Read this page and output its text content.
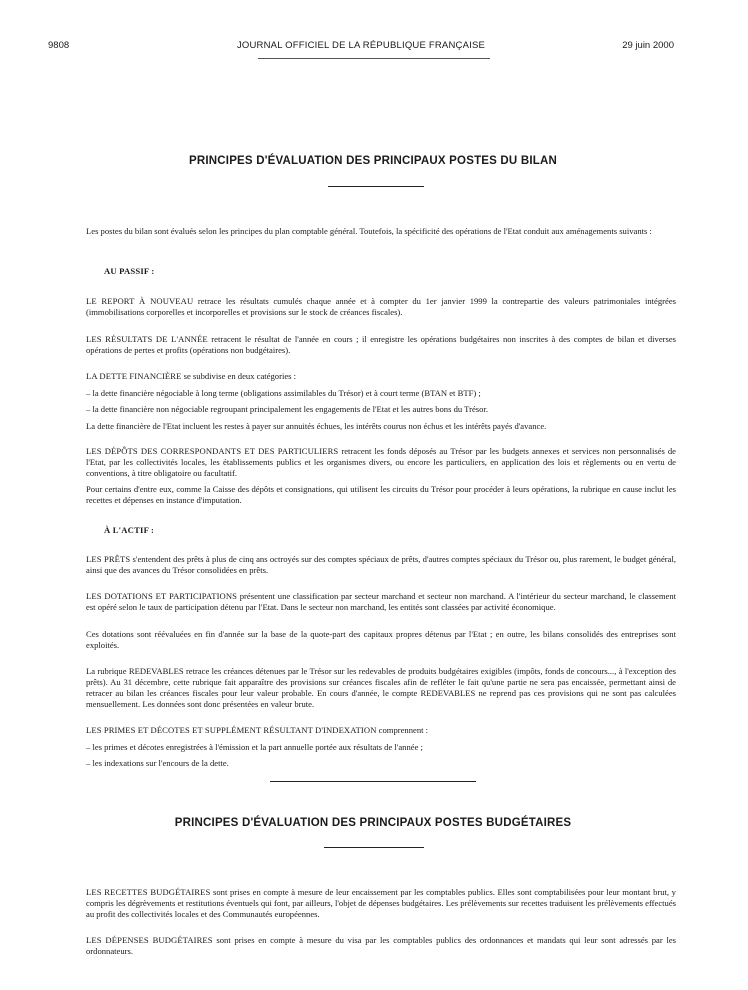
9808	JOURNAL OFFICIEL DE LA RÉPUBLIQUE FRANÇAISE	29 juin 2000
PRINCIPES D'ÉVALUATION DES PRINCIPAUX POSTES DU BILAN

Les postes du bilan sont évalués selon les principes du plan comptable général. Toutefois, la spécificité des opérations de l'Etat conduit aux aménagements suivants :

AU PASSIF :

LE REPORT À NOUVEAU retrace les résultats cumulés chaque année et à compter du 1er janvier 1999 la contrepartie des valeurs patrimoniales intégrées (immobilisations corporelles et incorporelles et provisions sur le stock de créances fiscales).

LES RÉSULTATS DE L'ANNÉE retracent le résultat de l'année en cours ; il enregistre les opérations budgétaires non inscrites à des comptes de bilan et diverses opérations de pertes et profits (opérations non budgétaires).

LA DETTE FINANCIÈRE se subdivise en deux catégories :

– la dette financière négociable à long terme (obligations assimilables du Trésor) et à court terme (BTAN et BTF) ;

– la dette financière non négociable regroupant principalement les engagements de l'Etat et les autres bons du Trésor.

La dette financière de l'Etat incluent les restes à payer sur annuités échues, les intérêts courus non échus et les intérêts payés d'avance.

LES DÉPÔTS DES CORRESPONDANTS ET DES PARTICULIERS retracent les fonds déposés au Trésor par les budgets annexes et services non personnalisés de l'Etat, par les collectivités locales, les établissements publics et les organismes divers, ou encore les particuliers, en application des lois et règlements ou en vertu de conventions, à titre obligatoire ou facultatif.

Pour certains d'entre eux, comme la Caisse des dépôts et consignations, qui utilisent les circuits du Trésor pour procéder à leurs opérations, la rubrique en cause inclut les recettes et dépenses en instance d'imputation.

À L'ACTIF :

LES PRÊTS s'entendent des prêts à plus de cinq ans octroyés sur des comptes spéciaux de prêts, d'autres comptes spéciaux du Trésor ou, plus rarement, le budget général, ainsi que des avances du Trésor consolidées en prêts.

LES DOTATIONS ET PARTICIPATIONS présentent une classification par secteur marchand et secteur non marchand. A l'intérieur du secteur marchand, le classement est opéré selon le taux de participation détenu par l'Etat. Dans le secteur non marchand, les entités sont classées par activité économique.

Ces dotations sont réévaluées en fin d'année sur la base de la quote-part des capitaux propres détenus par l'Etat ; en outre, les bilans consolidés des entreprises sont exploités.

La rubrique REDEVABLES retrace les créances détenues par le Trésor sur les redevables de produits budgétaires exigibles (impôts, fonds de concours..., à l'exception des prêts). Au 31 décembre, cette rubrique fait apparaître des provisions sur créances fiscales afin de refléter le fait qu'une partie ne sera pas encaissée, permettant ainsi de retracer au bilan les créances fiscales pour leur valeur probable. En cours d'année, le compte REDEVABLES ne reprend pas ces provisions qui ne sont pas calculées mensuellement. Les données sont donc présentées en valeur brute.

LES PRIMES ET DÉCOTES ET SUPPLÉMENT RÉSULTANT D'INDEXATION comprennent :

– les primes et décotes enregistrées à l'émission et la part annuelle portée aux résultats de l'année ;

– les indexations sur l'encours de la dette.

PRINCIPES D'ÉVALUATION DES PRINCIPAUX POSTES BUDGÉTAIRES

LES RECETTES BUDGÉTAIRES sont prises en compte à mesure de leur encaissement par les comptables publics. Elles sont comptabilisées pour leur montant brut, y compris les dégrèvements et restitutions éventuels qui font, par ailleurs, l'objet de dépenses budgétaires. Les prélèvements sur recettes traduisent les prélèvements effectués au profit des collectivités locales et des Communautés européennes.

LES DÉPENSES BUDGÉTAIRES sont prises en compte à mesure du visa par les comptables publics des ordonnances et mandats qui leur sont adressés par les ordonnateurs.
